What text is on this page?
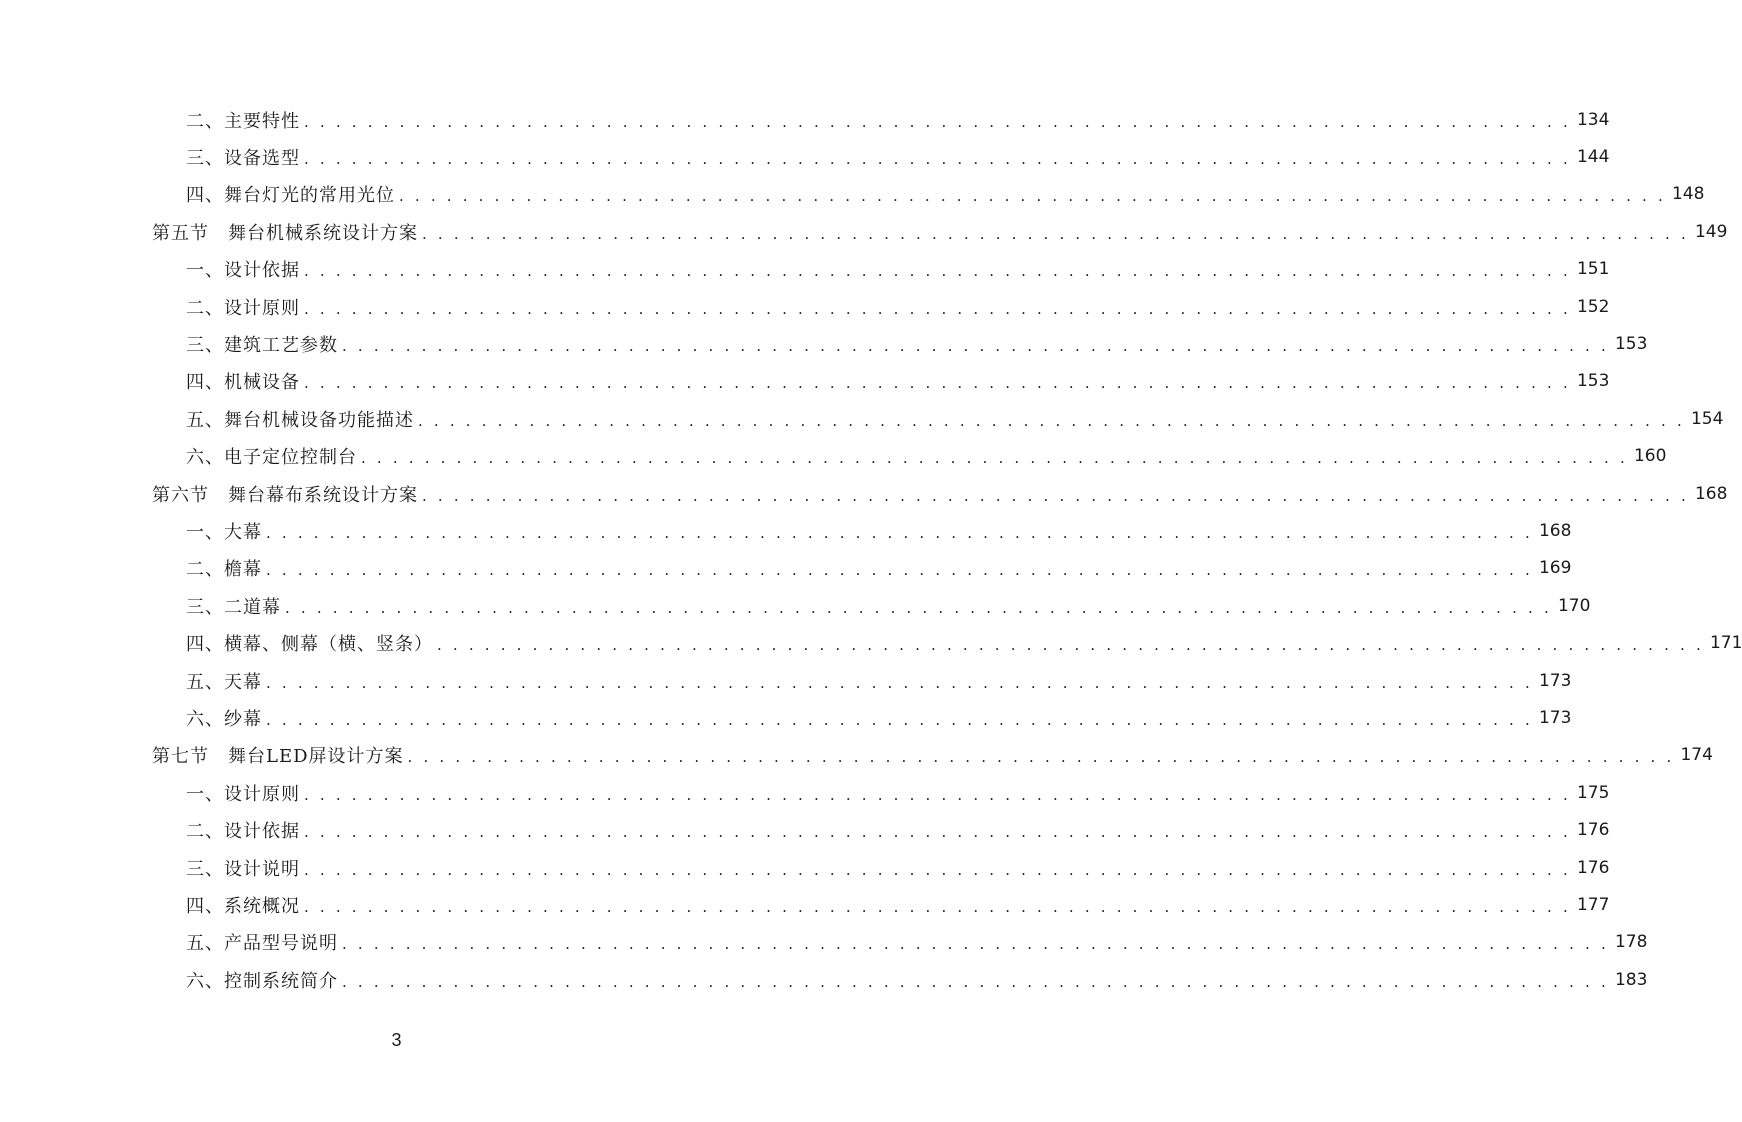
二、主要特性 . . . . . . . . . . . . . . . . . . . . . . . . . . . . . . . . . . . . . . . . . . . . . . . . . . . . . . . . . . . . . . . . . . . . . . . . . . . . . . . . 134
三、设备选型 . . . . . . . . . . . . . . . . . . . . . . . . . . . . . . . . . . . . . . . . . . . . . . . . . . . . . . . . . . . . . . . . . . . . . . . . . . . . . . . . 144
四、舞台灯光的常用光位 . . . . . . . . . . . . . . . . . . . . . . . . . . . . . . . . . . . . . . . . . . . . . . . . . . . . . . . . . . . . . . . . . . . . . . . . . . . . . . . . 148
第五节　舞台机械系统设计方案 . . . . . . . . . . . . . . . . . . . . . . . . . . . . . . . . . . . . . . . . . . . . . . . . . . . . . . . . . . . . . . . . . . . . . . . . . . . . . . . . 149
一、设计依据 . . . . . . . . . . . . . . . . . . . . . . . . . . . . . . . . . . . . . . . . . . . . . . . . . . . . . . . . . . . . . . . . . . . . . . . . . . . . . . . . 151
二、设计原则 . . . . . . . . . . . . . . . . . . . . . . . . . . . . . . . . . . . . . . . . . . . . . . . . . . . . . . . . . . . . . . . . . . . . . . . . . . . . . . . . 152
三、建筑工艺参数 . . . . . . . . . . . . . . . . . . . . . . . . . . . . . . . . . . . . . . . . . . . . . . . . . . . . . . . . . . . . . . . . . . . . . . . . . . . . . . . . 153
四、机械设备 . . . . . . . . . . . . . . . . . . . . . . . . . . . . . . . . . . . . . . . . . . . . . . . . . . . . . . . . . . . . . . . . . . . . . . . . . . . . . . . . 153
五、舞台机械设备功能描述 . . . . . . . . . . . . . . . . . . . . . . . . . . . . . . . . . . . . . . . . . . . . . . . . . . . . . . . . . . . . . . . . . . . . . . . . . . . . . . . . 154
六、电子定位控制台 . . . . . . . . . . . . . . . . . . . . . . . . . . . . . . . . . . . . . . . . . . . . . . . . . . . . . . . . . . . . . . . . . . . . . . . . . . . . . . . . 160
第六节　舞台幕布系统设计方案 . . . . . . . . . . . . . . . . . . . . . . . . . . . . . . . . . . . . . . . . . . . . . . . . . . . . . . . . . . . . . . . . . . . . . . . . . . . . . . . . 168
一、大幕 . . . . . . . . . . . . . . . . . . . . . . . . . . . . . . . . . . . . . . . . . . . . . . . . . . . . . . . . . . . . . . . . . . . . . . . . . . . . . . . . 168
二、檐幕 . . . . . . . . . . . . . . . . . . . . . . . . . . . . . . . . . . . . . . . . . . . . . . . . . . . . . . . . . . . . . . . . . . . . . . . . . . . . . . . . 169
三、二道幕 . . . . . . . . . . . . . . . . . . . . . . . . . . . . . . . . . . . . . . . . . . . . . . . . . . . . . . . . . . . . . . . . . . . . . . . . . . . . . . . . 170
四、横幕、侧幕（横、竖条） . . . . . . . . . . . . . . . . . . . . . . . . . . . . . . . . . . . . . . . . . . . . . . . . . . . . . . . . . . . . . . . . . . . . . . . . . . . . . . . . 171
五、天幕 . . . . . . . . . . . . . . . . . . . . . . . . . . . . . . . . . . . . . . . . . . . . . . . . . . . . . . . . . . . . . . . . . . . . . . . . . . . . . . . . 173
六、纱幕 . . . . . . . . . . . . . . . . . . . . . . . . . . . . . . . . . . . . . . . . . . . . . . . . . . . . . . . . . . . . . . . . . . . . . . . . . . . . . . . . 173
第七节　舞台LED屏设计方案 . . . . . . . . . . . . . . . . . . . . . . . . . . . . . . . . . . . . . . . . . . . . . . . . . . . . . . . . . . . . . . . . . . . . . . . . . . . . . . . . 174
一、设计原则 . . . . . . . . . . . . . . . . . . . . . . . . . . . . . . . . . . . . . . . . . . . . . . . . . . . . . . . . . . . . . . . . . . . . . . . . . . . . . . . . 175
二、设计依据 . . . . . . . . . . . . . . . . . . . . . . . . . . . . . . . . . . . . . . . . . . . . . . . . . . . . . . . . . . . . . . . . . . . . . . . . . . . . . . . . 176
三、设计说明 . . . . . . . . . . . . . . . . . . . . . . . . . . . . . . . . . . . . . . . . . . . . . . . . . . . . . . . . . . . . . . . . . . . . . . . . . . . . . . . . 176
四、系统概况 . . . . . . . . . . . . . . . . . . . . . . . . . . . . . . . . . . . . . . . . . . . . . . . . . . . . . . . . . . . . . . . . . . . . . . . . . . . . . . . . 177
五、产品型号说明 . . . . . . . . . . . . . . . . . . . . . . . . . . . . . . . . . . . . . . . . . . . . . . . . . . . . . . . . . . . . . . . . . . . . . . . . . . . . . . . . 178
六、控制系统简介 . . . . . . . . . . . . . . . . . . . . . . . . . . . . . . . . . . . . . . . . . . . . . . . . . . . . . . . . . . . . . . . . . . . . . . . . . . . . . . . . 183
3
